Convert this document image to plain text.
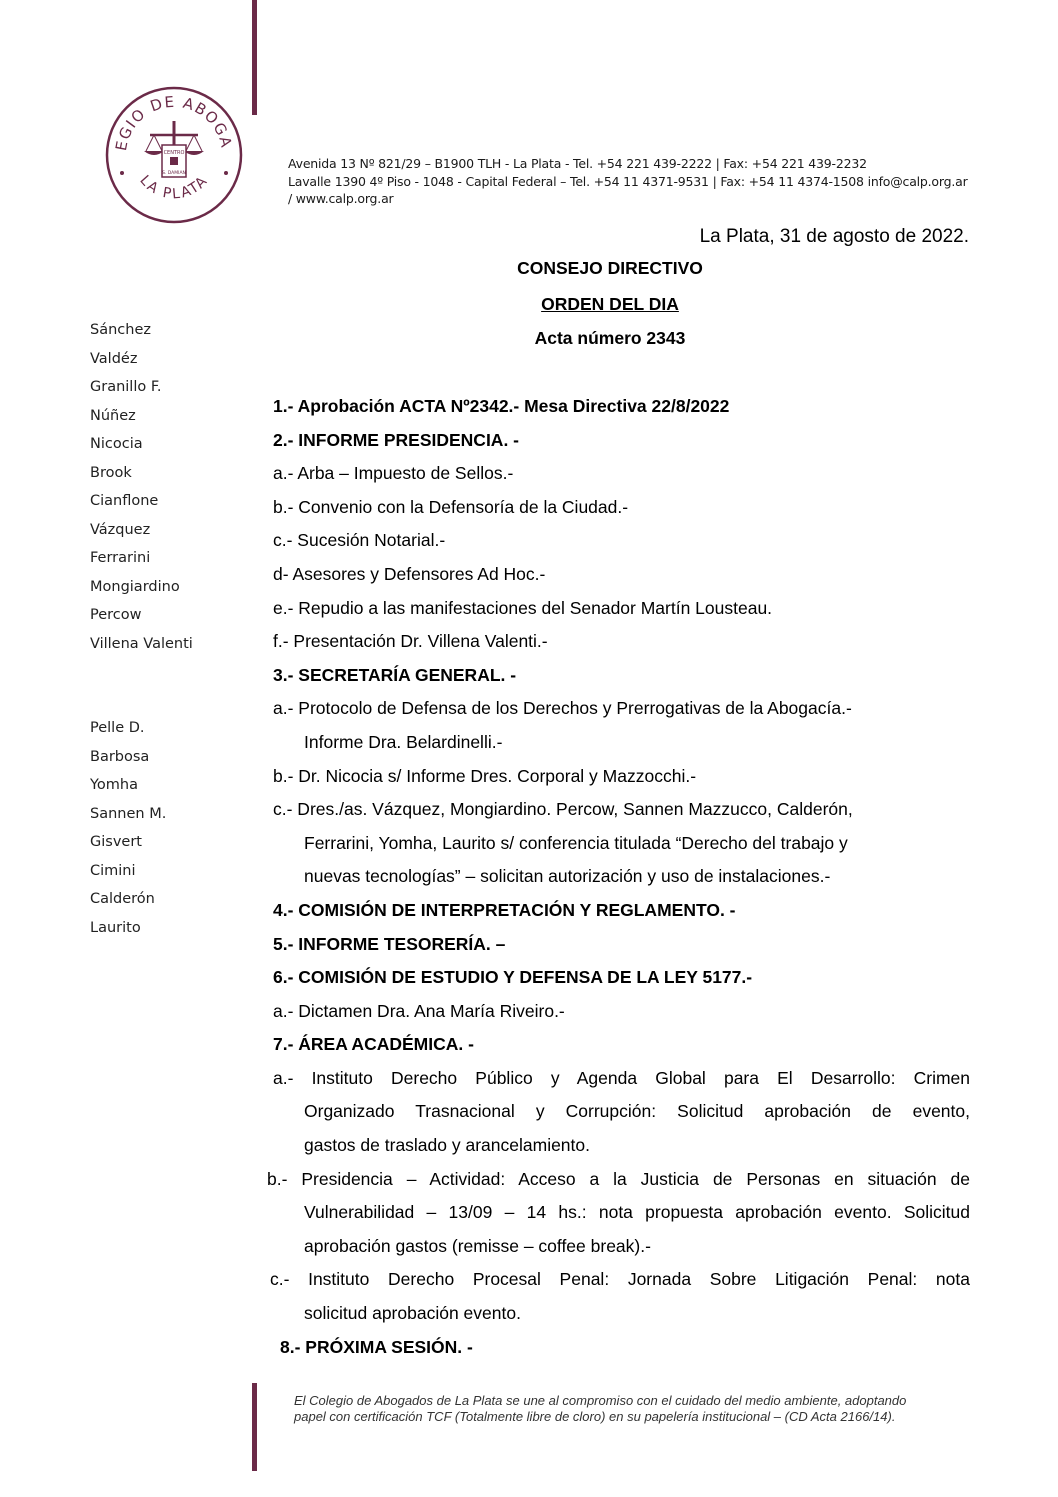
EGIO DE ABOGA
LA PLATA
CENTRO
S. DAMIAN
Avenida 13 Nº 821/29 – B1900 TLH - La Plata - Tel. +54 221 439-2222 | Fax: +54 221 439-2232
Lavalle 1390 4º Piso - 1048 - Capital Federal – Tel. +54 11 4371-9531 | Fax: +54 11 4374-1508 info@calp.org.ar
/ www.calp.org.ar
La Plata, 31 de agosto de 2022.
CONSEJO DIRECTIVO
ORDEN DEL DIA
Acta número 2343
Sánchez
Valdéz
Granillo F.
Núñez
Nicocia
Brook
Cianflone
Vázquez
Ferrarini
Mongiardino
Percow
Villena Valenti
Pelle D.
Barbosa
Yomha
Sannen M.
Gisvert
Cimini
Calderón
Laurito
1.- Aprobación ACTA Nº2342.- Mesa Directiva 22/8/2022
2.- INFORME PRESIDENCIA. -
a.- Arba – Impuesto de Sellos.-
b.- Convenio con la Defensoría de la Ciudad.-
c.- Sucesión Notarial.-
d- Asesores y Defensores Ad Hoc.-
e.- Repudio a las manifestaciones del Senador Martín Lousteau.
f.- Presentación Dr. Villena Valenti.-
3.- SECRETARÍA GENERAL. -
a.- Protocolo de Defensa de los Derechos y Prerrogativas de la Abogacía.-
Informe Dra. Belardinelli.-
b.- Dr. Nicocia s/ Informe Dres. Corporal y Mazzocchi.-
c.- Dres./as. Vázquez, Mongiardino. Percow, Sannen Mazzucco, Calderón,
Ferrarini, Yomha, Laurito s/ conferencia titulada “Derecho del trabajo y
nuevas tecnologías” – solicitan autorización y uso de instalaciones.-
4.- COMISIÓN DE INTERPRETACIÓN Y REGLAMENTO. -
5.- INFORME TESORERÍA. –
6.- COMISIÓN DE ESTUDIO Y DEFENSA DE LA LEY 5177.-
a.- Dictamen Dra. Ana María Riveiro.-
7.- ÁREA ACADÉMICA. -
a.- Instituto Derecho Público y Agenda Global para El Desarrollo: Crimen
Organizado Trasnacional y Corrupción: Solicitud aprobación de evento,
gastos de traslado y arancelamiento.
b.- Presidencia – Actividad: Acceso a la Justicia de Personas en situación de
Vulnerabilidad – 13/09 – 14 hs.: nota propuesta aprobación evento. Solicitud
aprobación gastos (remisse – coffee break).-
c.- Instituto Derecho Procesal Penal: Jornada Sobre Litigación Penal: nota
solicitud aprobación evento.
8.- PRÓXIMA SESIÓN. -
El Colegio de Abogados de La Plata se une al compromiso con el cuidado del medio ambiente, adoptando
papel con certificación TCF (Totalmente libre de cloro) en su papelería institucional – (CD Acta 2166/14).
